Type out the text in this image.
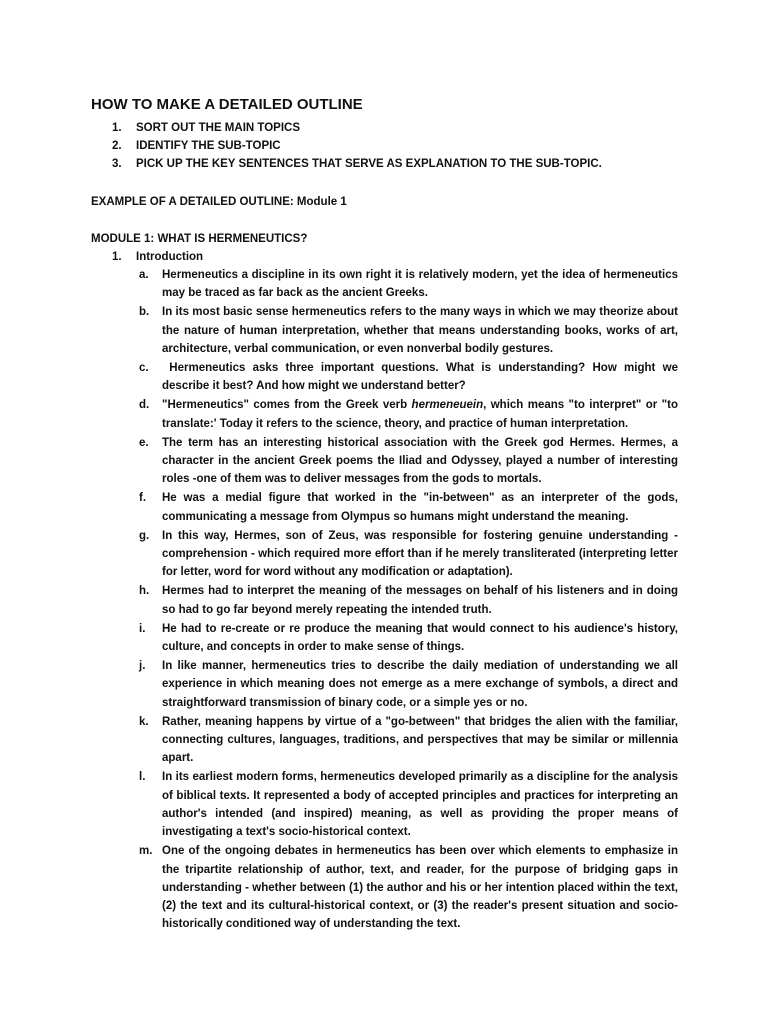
HOW TO MAKE A DETAILED OUTLINE
1.	SORT OUT THE MAIN TOPICS
2.	IDENTIFY THE SUB-TOPIC
3.	PICK UP THE KEY SENTENCES THAT SERVE AS EXPLANATION TO THE SUB-TOPIC.
EXAMPLE OF A DETAILED OUTLINE: Module 1
MODULE 1: WHAT IS HERMENEUTICS?
1.	Introduction
a.	Hermeneutics a discipline in its own right it is relatively modern, yet the idea of hermeneutics may be traced as far back as the ancient Greeks.
b.	In its most basic sense hermeneutics refers to the many ways in which we may theorize about the nature of human interpretation, whether that means understanding books, works of art, architecture, verbal communication, or even nonverbal bodily gestures.
c.	Hermeneutics asks three important questions. What is understanding? How might we describe it best? And how might we understand better?
d.	"Hermeneutics" comes from the Greek verb hermeneuein, which means "to interpret" or "to translate:' Today it refers to the science, theory, and practice of human interpretation.
e.	The term has an interesting historical association with the Greek god Hermes. Hermes, a character in the ancient Greek poems the Iliad and Odyssey, played a number of interesting roles -one of them was to deliver messages from the gods to mortals.
f.	He was a medial figure that worked in the "in-between" as an interpreter of the gods, communicating a message from Olympus so humans might understand the meaning.
g.	In this way, Hermes, son of Zeus, was responsible for fostering genuine understanding - comprehension - which required more effort than if he merely transliterated (interpreting letter for letter, word for word without any modification or adaptation).
h.	Hermes had to interpret the meaning of the messages on behalf of his listeners and in doing so had to go far beyond merely repeating the intended truth.
i.	He had to re-create or re produce the meaning that would connect to his audience's history, culture, and concepts in order to make sense of things.
j.	In like manner, hermeneutics tries to describe the daily mediation of understanding we all experience in which meaning does not emerge as a mere exchange of symbols, a direct and straightforward transmission of binary code, or a simple yes or no.
k.	Rather, meaning happens by virtue of a "go-between" that bridges the alien with the familiar, connecting cultures, languages, traditions, and perspectives that may be similar or millennia apart.
l.	In its earliest modern forms, hermeneutics developed primarily as a discipline for the analysis of biblical texts. It represented a body of accepted principles and practices for interpreting an author's intended (and inspired) meaning, as well as providing the proper means of investigating a text's socio-historical context.
m. One of the ongoing debates in hermeneutics has been over which elements to emphasize in the tripartite relationship of author, text, and reader, for the purpose of bridging gaps in understanding - whether between (1) the author and his or her intention placed within the text, (2) the text and its cultural-historical context, or (3) the reader's present situation and socio-historically conditioned way of understanding the text.
